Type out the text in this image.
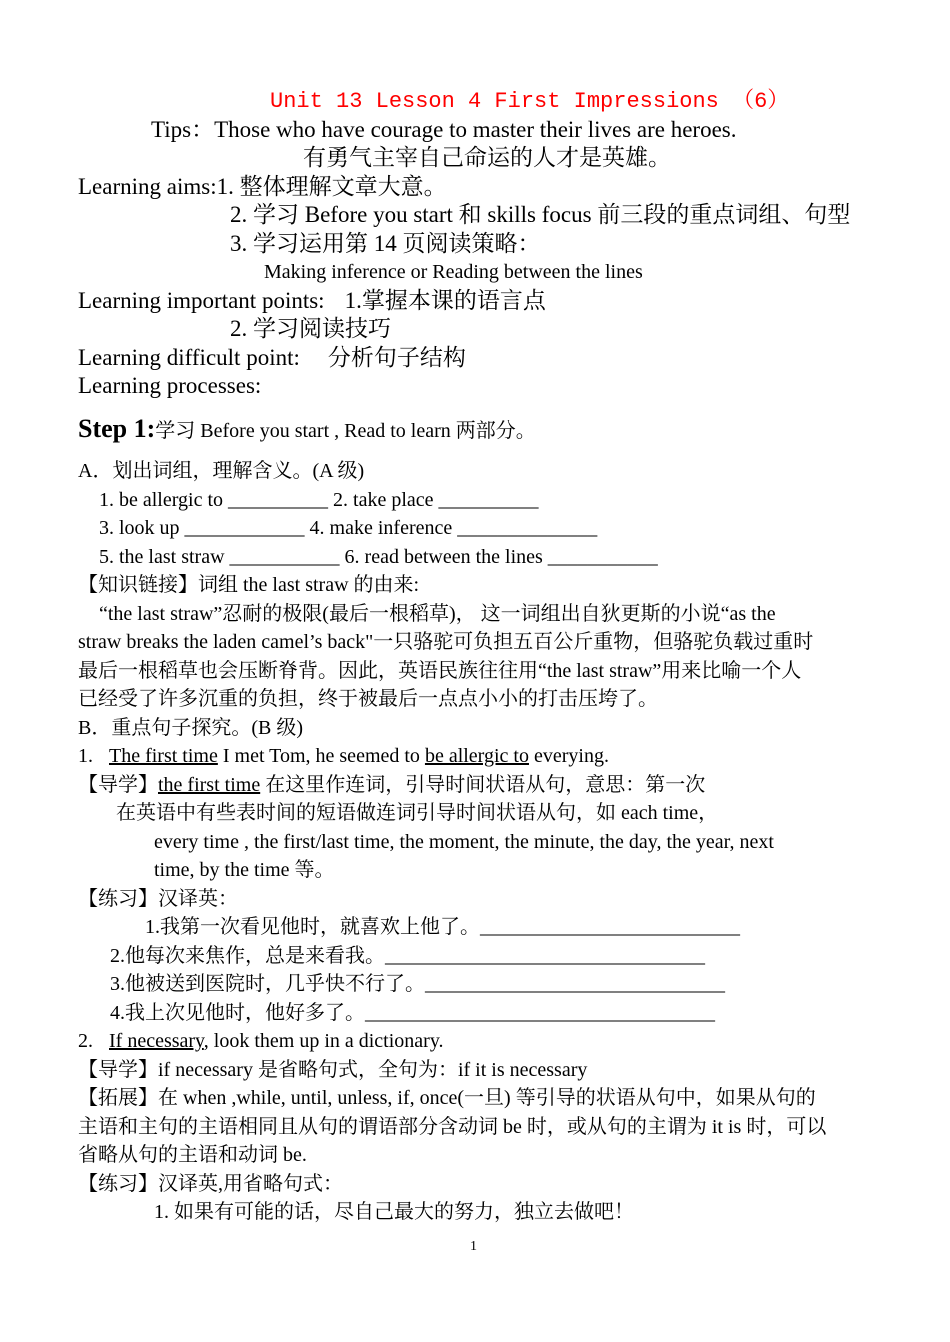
Unit 13 Lesson 4 First Impressions （6）
Tips：Those who have courage to master their lives are heroes.
有勇气主宰自己命运的人才是英雄。
Learning aims:1. 整体理解文章大意。
2. 学习 Before you start 和 skills focus 前三段的重点词组、句型
3. 学习运用第 14 页阅读策略：
Making inference or Reading between the lines
Learning important points: 1.掌握本课的语言点
2. 学习阅读技巧
Learning difficult point: 分析句子结构
Learning processes:
Step 1:学习 Before you start , Read to learn 两部分。
A．划出词组，理解含义。(A 级)
1. be allergic to __________ 2. take place __________
3. look up ____________ 4. make inference ______________
5. the last straw ___________ 6. read between the lines ___________
【知识链接】词组 the last straw 的由来:
“the last straw”忍耐的极限(最后一根稻草)， 这一词组出自狄更斯的小说“as the
straw breaks the laden camel’s back"一只骆驼可负担五百公斤重物，但骆驼负载过重时
最后一根稻草也会压断脊背。因此，英语民族往往用“the last straw”用来比喻一个人
已经受了许多沉重的负担，终于被最后一点点小小的打击压垮了。
B．重点句子探究。(B 级)
1. The first time I met Tom, he seemed to be allergic to everying.
【导学】the first time 在这里作连词，引导时间状语从句，意思：第一次
在英语中有些表时间的短语做连词引导时间状语从句，如 each time，
every time , the first/last time, the moment, the minute, the day, the year, next
time, by the time 等。
【练习】汉译英：
1.我第一次看见他时，就喜欢上他了。__________________________
2.他每次来焦作，总是来看我。________________________________
3.他被送到医院时，几乎快不行了。______________________________
4.我上次见他时，他好多了。___________________________________
2. If necessary, look them up in a dictionary.
【导学】if necessary 是省略句式，全句为：if it is necessary
【拓展】在 when ,while, until, unless, if, once(一旦) 等引导的状语从句中，如果从句的
主语和主句的主语相同且从句的谓语部分含动词 be 时，或从句的主谓为 it is 时，可以
省略从句的主语和动词 be.
【练习】汉译英,用省略句式：
1. 如果有可能的话，尽自己最大的努力，独立去做吧！
1
